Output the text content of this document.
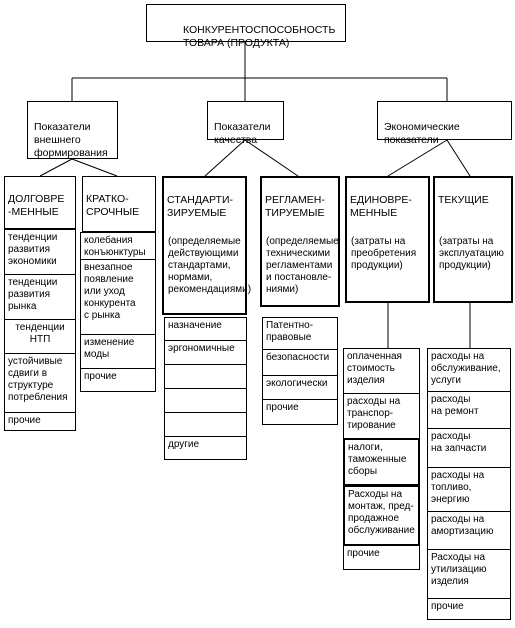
КОНКУРЕНТОСПОСОБНОСТЬ
ТОВАРА (ПРОДУКТА)

Показатели
внешнего
формирования

Показатели
качества

Экономические
показатели

ДОЛГОВРЕ
-МЕННЫЕ

тенденции
развития
экономики
тенденции
развития
рынка
тенденции
НТП
устойчивые
сдвиги в
структуре
потребления
прочие

КРАТКО-
СРОЧНЫЕ

колебания
конъюнктуры
внезапное
появление
или уход
конкурента
с рынка
изменение
моды
прочие

СТАНДАРТИ-
ЗИРУЕМЫЕ

(определяемые
действующими
стандартами,
нормами,
рекомендациями)

назначение
эргономичные
другие

РЕГЛАМЕН-
ТИРУЕМЫЕ

(определяемые
техническими
регламентами
и постановле-
ниями)

Патентно-
правовые
безопасности
экологически
прочие

ЕДИНОВРЕ-
МЕННЫЕ

(затраты на
преобретения
продукции)

оплаченная
стоимость
изделия
расходы на
транспор-
тирование
налоги,
таможенные
сборы
Расходы на
монтаж, пред-
продажное
обслуживание
прочие

ТЕКУЩИЕ

(затраты на
эксплуатацию
продукции)

расходы на
обслуживание,
услуги
расходы
на ремонт
расходы
на запчасти
расходы на
топливо,
энергию
расходы на
амортизацию
Расходы на
утилизацию
изделия
прочие
